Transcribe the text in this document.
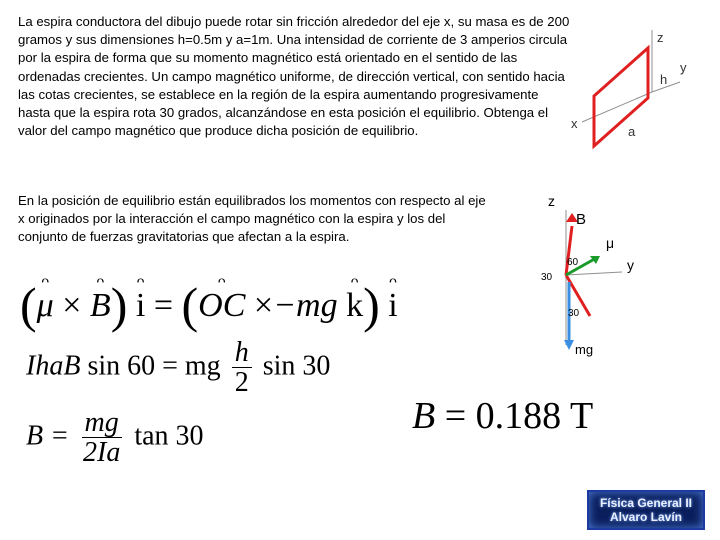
La espira conductora del dibujo puede rotar sin fricción alrededor del eje x, su masa es de 200 gramos y sus dimensiones h=0.5m y a=1m. Una intensidad de corriente de 3 amperios circula por la espira de forma que su momento magnético está orientado en el sentido de las ordenadas crecientes. Un campo magnético uniforme, de dirección vertical, con sentido hacia las cotas crecientes, se establece en la región de la espira aumentando progresivamente hasta que la espira rota 30 grados, alcanzándose en esta posición el equilibrio. Obtenga el valor del campo magnético que produce dicha posición de equilibrio.

z
y
x
h
a
z
B
μ
y
60
30
30
mg

En la posición de equilibrio están equilibrados los momentos con respecto al eje x originados por la interacción el campo magnético con la espira y los del conjunto de fuerzas gravitatorias que afectan a la espira.

( ᴖ
μ ×
ᴖ
B) ᴖ
i = ( ᴖ
OC ×−mg
ᴖ
k) ᴖ
i
IhaB sin 60 = mg $\frac{h}{2}$ sin 30
$B = \frac{mg}{2Ia}$ tan 30	B = 0.188 T
Física General II
Alvaro Lavín
